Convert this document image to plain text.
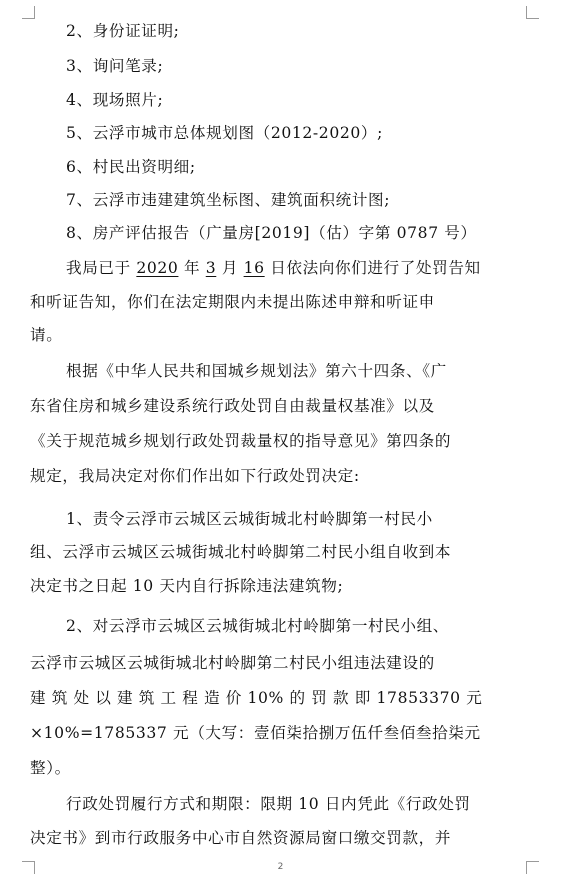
2、身份证证明;
3、询问笔录;
4、现场照片;
5、云浮市城市总体规划图（2012-2020）;
6、村民出资明细;
7、云浮市违建建筑坐标图、建筑面积统计图;
8、房产评估报告（广量房[2019]（估）字第 0787 号）
我局已于 2020 年 3 月 16 日依法向你们进行了处罚告知
和听证告知，你们在法定期限内未提出陈述申辩和听证申
请。
根据《中华人民共和国城乡规划法》第六十四条、《广
东省住房和城乡建设系统行政处罚自由裁量权基准》以及
《关于规范城乡规划行政处罚裁量权的指导意见》第四条的
规定，我局决定对你们作出如下行政处罚决定:
1、责令云浮市云城区云城街城北村岭脚第一村民小
组、云浮市云城区云城街城北村岭脚第二村民小组自收到本
决定书之日起 10 天内自行拆除违法建筑物;
2、对云浮市云城区云城街城北村岭脚第一村民小组、
云浮市云城区云城街城北村岭脚第二村民小组违法建设的
建 筑 处 以 建 筑 工 程 造 价 10% 的 罚 款 即 17853370 元
×10%=1785337 元（大写：壹佰柒拾捌万伍仟叁佰叁拾柒元
整）。
行政处罚履行方式和期限：限期 10 日内凭此《行政处罚
决定书》到市行政服务中心市自然资源局窗口缴交罚款，并
2
